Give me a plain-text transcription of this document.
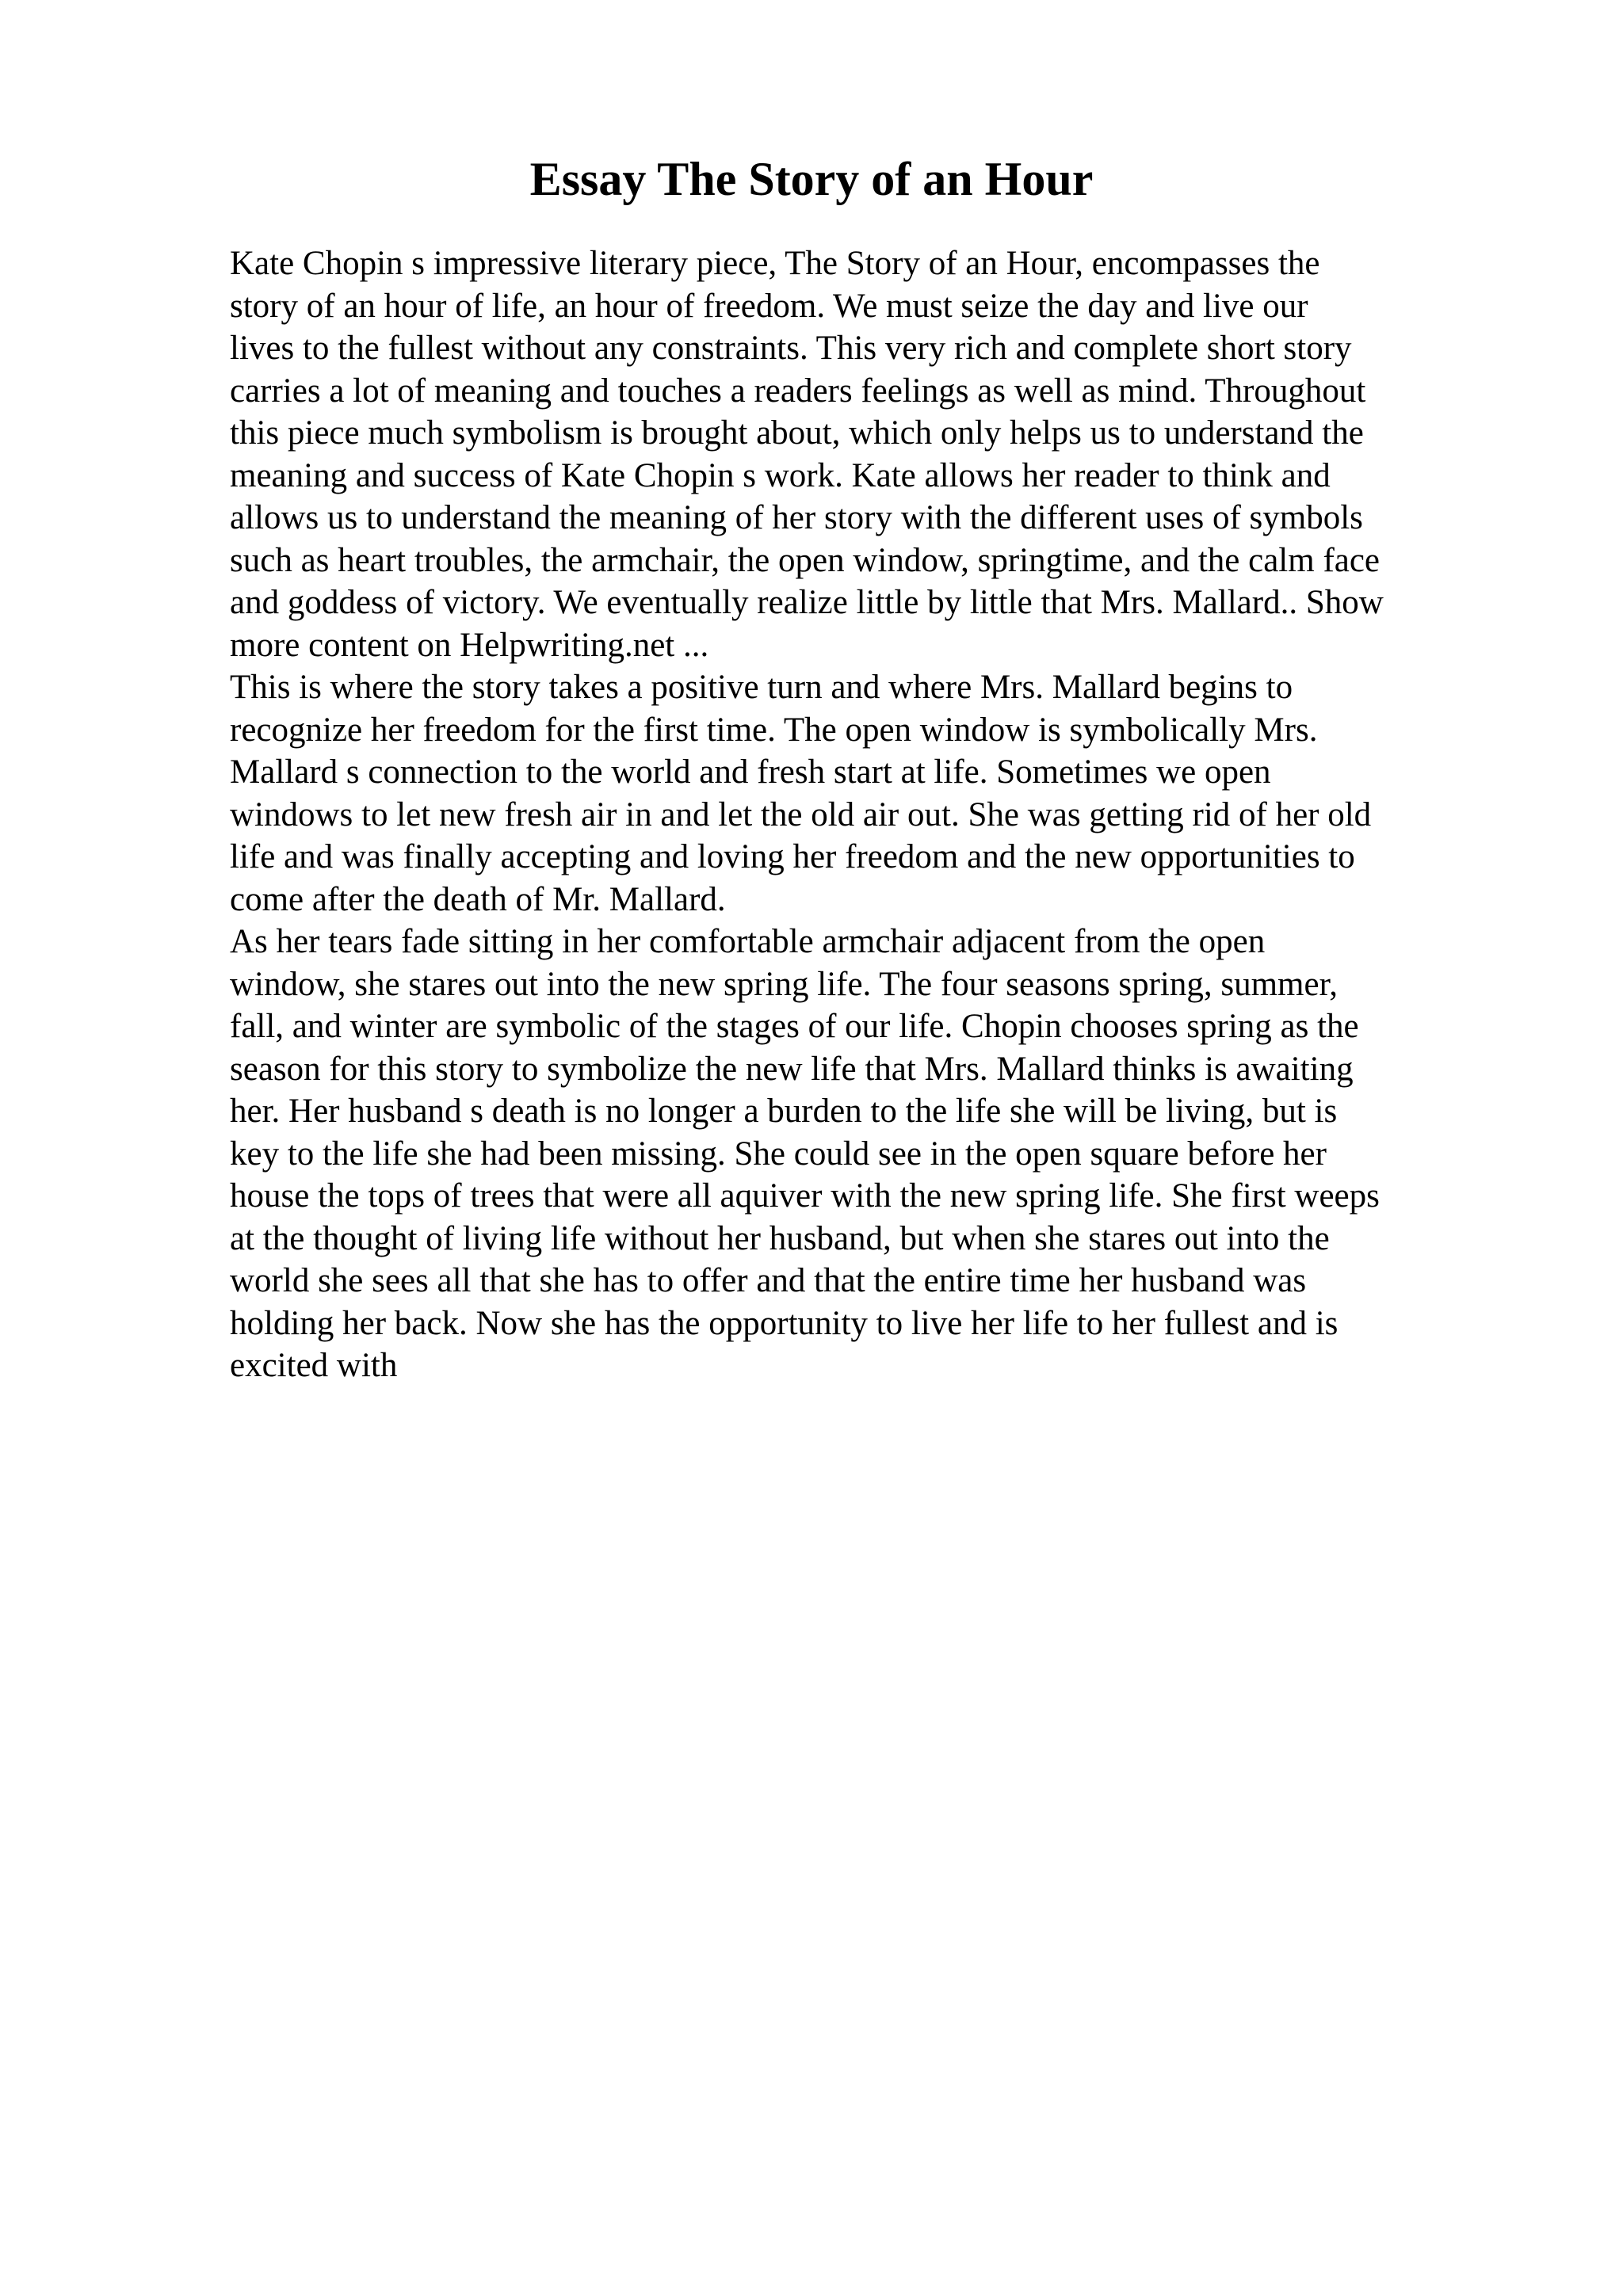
Essay The Story of an Hour
Kate Chopin s impressive literary piece, The Story of an Hour, encompasses the
story of an hour of life, an hour of freedom. We must seize the day and live our
lives to the fullest without any constraints. This very rich and complete short story
carries a lot of meaning and touches a readers feelings as well as mind. Throughout
this piece much symbolism is brought about, which only helps us to understand the
meaning and success of Kate Chopin s work. Kate allows her reader to think and
allows us to understand the meaning of her story with the different uses of symbols
such as heart troubles, the armchair, the open window, springtime, and the calm face
and goddess of victory. We eventually realize little by little that Mrs. Mallard.. Show
more content on Helpwriting.net ...
This is where the story takes a positive turn and where Mrs. Mallard begins to
recognize her freedom for the first time. The open window is symbolically Mrs.
Mallard s connection to the world and fresh start at life. Sometimes we open
windows to let new fresh air in and let the old air out. She was getting rid of her old
life and was finally accepting and loving her freedom and the new opportunities to
come after the death of Mr. Mallard.
As her tears fade sitting in her comfortable armchair adjacent from the open
window, she stares out into the new spring life. The four seasons spring, summer,
fall, and winter are symbolic of the stages of our life. Chopin chooses spring as the
season for this story to symbolize the new life that Mrs. Mallard thinks is awaiting
her. Her husband s death is no longer a burden to the life she will be living, but is
key to the life she had been missing. She could see in the open square before her
house the tops of trees that were all aquiver with the new spring life. She first weeps
at the thought of living life without her husband, but when she stares out into the
world she sees all that she has to offer and that the entire time her husband was
holding her back. Now she has the opportunity to live her life to her fullest and is
excited with
